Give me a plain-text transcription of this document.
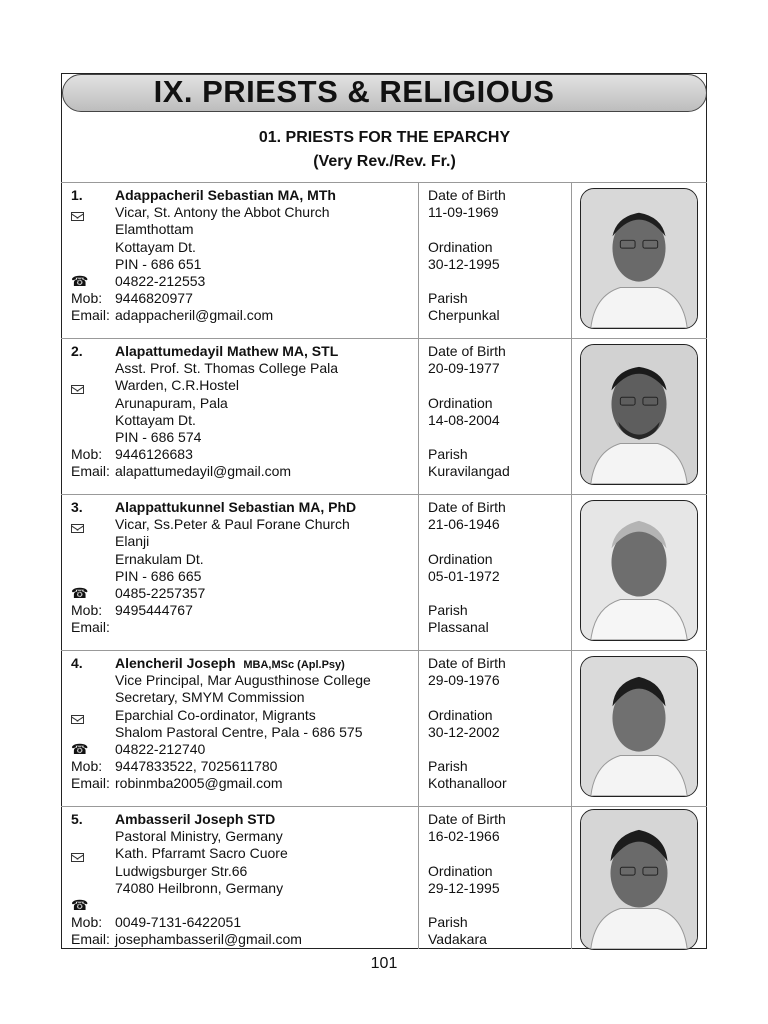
IX. PRIESTS & RELIGIOUS
01. PRIESTS FOR THE EPARCHY
(Very Rev./Rev. Fr.)
1. Adappacheril Sebastian MA, MTh
Vicar, St. Antony the Abbot Church
Elamthottam
Kottayam Dt.
PIN - 686 651
☎ 04822-212553
Mob: 9446820977
Email: adappacheril@gmail.com
Date of Birth
11-09-1969
Ordination
30-12-1995
Parish
Cherpunkal
2. Alapattumedayil Mathew MA, STL
Asst. Prof. St. Thomas College Pala
Warden, C.R.Hostel
Arunapuram, Pala
Kottayam Dt.
PIN - 686 574
Mob: 9446126683
Email: alapattumedayil@gmail.com
Date of Birth
20-09-1977
Ordination
14-08-2004
Parish
Kuravilangad
3. Alappattukunnel Sebastian MA, PhD
Vicar, Ss.Peter & Paul Forane Church
Elanji
Ernakulam Dt.
PIN - 686 665
☎ 0485-2257357
Mob: 9495444767
Email:
Date of Birth
21-06-1946
Ordination
05-01-1972
Parish
Plassanal
4. Alencheril Joseph MBA,MSc (Apl.Psy)
Vice Principal, Mar Augusthinose College
Secretary, SMYM Commission
Eparchial Co-ordinator, Migrants
Shalom Pastoral Centre, Pala - 686 575
☎ 04822-212740
Mob: 9447833522, 7025611780
Email: robinmba2005@gmail.com
Date of Birth
29-09-1976
Ordination
30-12-2002
Parish
Kothanalloor
5. Ambasseril Joseph STD
Pastoral Ministry, Germany
Kath. Pfarramt Sacro Cuore
Ludwigsburger Str.66
74080 Heilbronn, Germany
☎
Mob: 0049-7131-6422051
Email: josephambasseril@gmail.com
Date of Birth
16-02-1966
Ordination
29-12-1995
Parish
Vadakara
101
